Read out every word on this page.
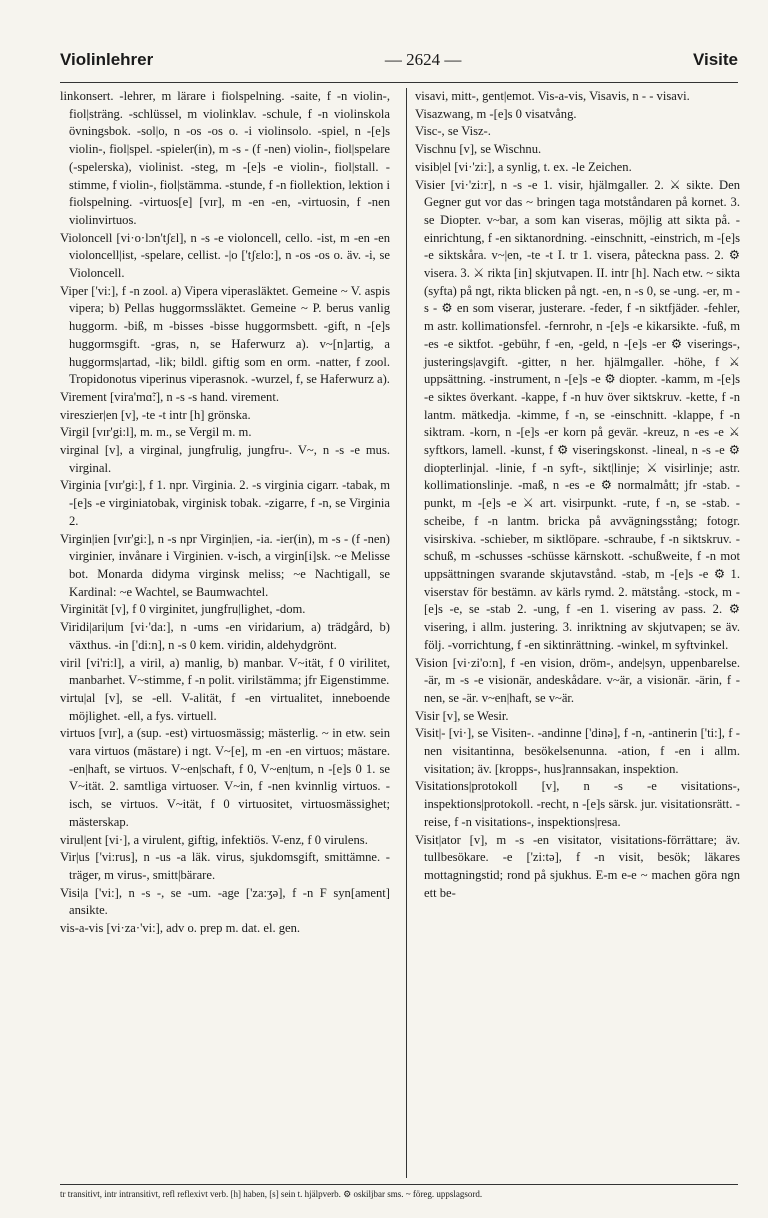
Violinlehrer	— 2624 —	Visite

linkonsert. -lehrer, m lärare i fiolspelning. -saite, f -n violin-, fiol|sträng. -schlüssel, m violinklav. -schule, f -n violinskola övningsbok. -sol|o, n -os -os o. -i violinsolo. -spiel, n -[e]s violin-, fiol|spel. -spieler(in), m -s - (f -nen) violin-, fiol|spelare (-spelerska), violinist. -steg, m -[e]s -e violin-, fiol|stall. -stimme, f violin-, fiol|stämma. -stunde, f -n fiollektion, lektion i fiolspelning. -virtuos[e] [vɪr], m -en -en, -virtuosin, f -nen violinvirtuos.

Violoncell [vi·o·lɔn'tʃɛl], n -s -e violoncell, cello. -ist, m -en -en violoncell|ist, -spelare, cellist. -|o ['tʃɛlo:], n -os -os o. äv. -i, se Violoncell.

Viper ['vi:], f -n zool. a) Vipera viperasläktet. Gemeine ~ V. aspis vipera; b) Pellas huggormssläktet. Gemeine ~ P. berus vanlig huggorm. -biß, m -bisses -bisse huggormsbett. -gift, n -[e]s huggormsgift. -gras, n, se Haferwurz a). v~[n]artig, a huggorms|artad, -lik; bildl. giftig som en orm. -natter, f zool. Tropidonotus viperinus viperasnok. -wurzel, f, se Haferwurz a).

Virement [vira'mɑ̃:], n -s -s hand. virement.

vireszier|en [v], -te -t intr [h] grönska.

Virgil [vɪr'gi:l], m. m., se Vergil m. m.

virginal [v], a virginal, jungfrulig, jungfru-. V~, n -s -e mus. virginal.

Virginia [vɪr'gi:], f 1. npr. Virginia. 2. -s virginia cigarr. -tabak, m -[e]s -e virginiatobak, virginisk tobak. -zigarre, f -n, se Virginia 2.

Virgin|ien [vɪr'gi:], n -s npr Virgin|ien, -ia. -ier(in), m -s - (f -nen) virginier, invånare i Virginien. v-isch, a virgin[i]sk. ~e Melisse bot. Monarda didyma virginsk meliss; ~e Nachtigall, se Kardinal: ~e Wachtel, se Baumwachtel.

Virginität [v], f 0 virginitet, jungfru|lighet, -dom.

Viridi|ari|um [vi·'da:], n -ums -en viridarium, a) trädgård, b) växthus. -in ['di:n], n -s 0 kem. viridin, aldehydgrönt.

viril [vi'ri:l], a viril, a) manlig, b) manbar. V~ität, f 0 virilitet, manbarhet. V~stimme, f -n polit. virilstämma; jfr Eigenstimme.

virtu|al [v], se -ell. V-alität, f -en virtualitet, inneboende möjlighet. -ell, a fys. virtuell.

virtuos [vɪr], a (sup. -est) virtuosmässig; mästerlig. ~ in etw. sein vara virtuos (mästare) i ngt. V~[e], m -en -en virtuos; mästare. -en|haft, se virtuos. V~en|schaft, f 0, V~en|tum, n -[e]s 0 1. se V~ität. 2. samtliga virtuoser. V~in, f -nen kvinnlig virtuos. -isch, se virtuos. V~ität, f 0 virtuositet, virtuosmässighet; mästerskap.

virul|ent [vi·], a virulent, giftig, infektiös. V-enz, f 0 virulens.

Vir|us ['vi:rus], n -us -a läk. virus, sjukdomsgift, smittämne. -träger, m virus-, smitt|bärare.

Visi|a ['vi:], n -s -, se -um. -age ['za:ʒə], f -n F syn[ament] ansikte.

vis-a-vis [vi·za·'vi:], adv o. prep m. dat. el. gen.

visavi, mitt-, gent|emot. Vis-a-vis, Visavis, n - - visavi.

Visazwang, m -[e]s 0 visatvång.

Visc-, se Visz-.

Vischnu [v], se Wischnu.

visib|el [vi·'zi:], a synlig, t. ex. -le Zeichen.

Visier [vi·'zi:r], n -s -e 1. visir, hjälmgaller. 2. ⚔ sikte. Den Gegner gut vor das ~ bringen taga motståndaren på kornet. 3. se Diopter. v~bar, a som kan viseras, möjlig att sikta på. -einrichtung, f -en siktanordning. -einschnitt, -einstrich, m -[e]s -e siktskåra. v~|en, -te -t I. tr 1. visera, påteckna pass. 2. ⚙ visera. 3. ⚔ rikta [in] skjutvapen. II. intr [h]. Nach etw. ~ sikta (syfta) på ngt, rikta blicken på ngt. -en, n -s 0, se -ung. -er, m -s - ⚙ en som viserar, justerare. -feder, f -n siktfjäder. -fehler, m astr. kollimationsfel. -fernrohr, n -[e]s -e kikarsikte. -fuß, m -es -e siktfot. -gebühr, f -en, -geld, n -[e]s -er ⚙ viserings-, justerings|avgift. -gitter, n her. hjälmgaller. -höhe, f ⚔ uppsättning. -instrument, n -[e]s -e ⚙ diopter. -kamm, m -[e]s -e siktes överkant. -kappe, f -n huv över siktskruv. -kette, f -n lantm. mätkedja. -kimme, f -n, se -einschnitt. -klappe, f -n siktram. -korn, n -[e]s -er korn på gevär. -kreuz, n -es -e ⚔ syftkors, lamell. -kunst, f ⚙ viseringskonst. -lineal, n -s -e ⚙ diopterlinjal. -linie, f -n syft-, sikt|linje; ⚔ visirlinje; astr. kollimationslinje. -maß, n -es -e ⚙ normalmått; jfr -stab. -punkt, m -[e]s -e ⚔ art. visirpunkt. -rute, f -n, se -stab. -scheibe, f -n lantm. bricka på avvägningsstång; fotogr. visirskiva. -schieber, m siktlöpare. -schraube, f -n siktskruv. -schuß, m -schusses -schüsse kärnskott. -schußweite, f -n mot uppsättningen svarande skjutavstånd. -stab, m -[e]s -e ⚙ 1. viserstav för bestämn. av kärls rymd. 2. mätstång. -stock, m -[e]s -e, se -stab 2. -ung, f -en 1. visering av pass. 2. ⚙ visering, i allm. justering. 3. inriktning av skjutvapen; se äv. följ. -vorrichtung, f -en siktinrättning. -winkel, m syftvinkel.

Vision [vi·zi'o:n], f -en vision, dröm-, ande|syn, uppenbarelse. -är, m -s -e visionär, andeskådare. v~är, a visionär. -ärin, f -nen, se -är. v~en|haft, se v~är.

Visir [v], se Wesir.

Visit|- [vi·], se Visiten-. -andinne ['dinə], f -n, -antinerin ['ti:], f -nen visitantinna, besökelsenunna. -ation, f -en i allm. visitation; äv. [kropps-, hus]rannsakan, inspektion.

Visitations|protokoll [v], n -s -e visitations-, inspektions|protokoll. -recht, n -[e]s särsk. jur. visitationsrätt. -reise, f -n visitations-, inspektions|resa.

Visit|ator [v], m -s -en visitator, visitations-förrättare; äv. tullbesökare. -e ['zi:tə], f -n visit, besök; läkares mottagningstid; rond på sjukhus. E-m e-e ~ machen göra ngn ett be-

tr transitivt, intr intransitivt, refl reflexivt verb. [h] haben, [s] sein t. hjälpverb. ⚙ oskiljbar sms. ~ föreg. uppslagsord.
